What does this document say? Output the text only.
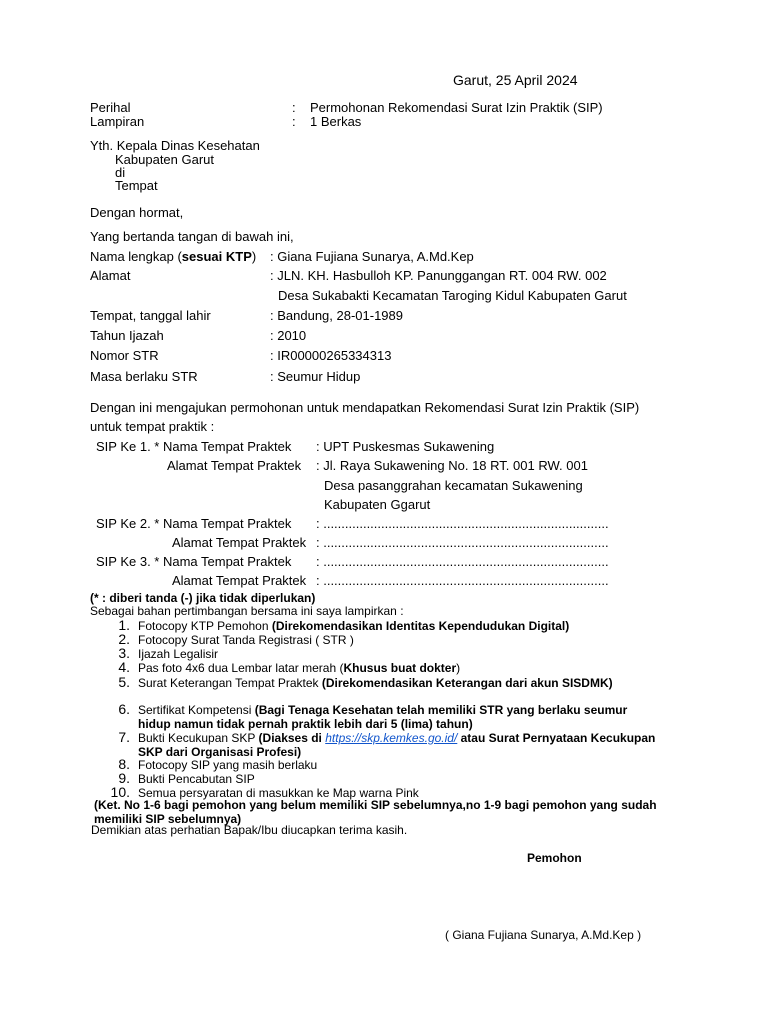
Garut, 25 April 2024
Perihal	: Permohonan Rekomendasi Surat Izin Praktik (SIP)
Lampiran	: 1 Berkas
Yth. Kepala Dinas Kesehatan
Kabupaten Garut
di
Tempat
Dengan hormat,
Yang bertanda tangan di bawah ini,
Nama lengkap (sesuai KTP) : Giana Fujiana Sunarya, A.Md.Kep
Alamat	: JLN. KH. Hasbulloh KP. Panunggangan RT. 004 RW. 002
Desa Sukabakti Kecamatan Taroging Kidul Kabupaten Garut
Tempat, tanggal lahir	: Bandung, 28-01-1989
Tahun Ijazah	: 2010
Nomor STR	: IR00000265334313
Masa berlaku STR	: Seumur Hidup
Dengan ini mengajukan permohonan untuk mendapatkan Rekomendasi Surat Izin Praktik (SIP)
untuk tempat praktik :
SIP Ke 1. * Nama Tempat Praktek : UPT Puskesmas Sukawening
Alamat Tempat Praktek : Jl. Raya Sukawening No. 18 RT. 001 RW. 001
Desa pasanggrahan kecamatan Sukawening
Kabupaten Ggarut
SIP Ke 2. * Nama Tempat Praktek : ...............................................................................
Alamat Tempat Praktek : ...............................................................................
SIP Ke 3. * Nama Tempat Praktek : ...............................................................................
Alamat Tempat Praktek : ...............................................................................
(* : diberi tanda (-) jika tidak diperlukan)
Sebagai bahan pertimbangan bersama ini saya lampirkan :
1. Fotocopy KTP Pemohon (Direkomendasikan Identitas Kependudukan Digital)
2. Fotocopy Surat Tanda Registrasi ( STR )
3. Ijazah Legalisir
4. Pas foto 4x6 dua Lembar latar merah (Khusus buat dokter)
5. Surat Keterangan Tempat Praktek (Direkomendasikan Keterangan dari akun SISDMK)
6. Sertifikat Kompetensi (Bagi Tenaga Kesehatan telah memiliki STR yang berlaku seumur hidup namun tidak pernah praktik lebih dari 5 (lima) tahun)
7. Bukti Kecukupan SKP (Diakses di https://skp.kemkes.go.id/ atau Surat Pernyataan Kecukupan SKP dari Organisasi Profesi)
8. Fotocopy SIP yang masih berlaku
9. Bukti Pencabutan SIP
10. Semua persyaratan di masukkan ke Map warna Pink
(Ket. No 1-6 bagi pemohon yang belum memiliki SIP sebelumnya,no 1-9 bagi pemohon yang sudah memiliki SIP sebelumnya)
Demikian atas perhatian Bapak/Ibu diucapkan terima kasih.
Pemohon
( Giana Fujiana Sunarya, A.Md.Kep )
